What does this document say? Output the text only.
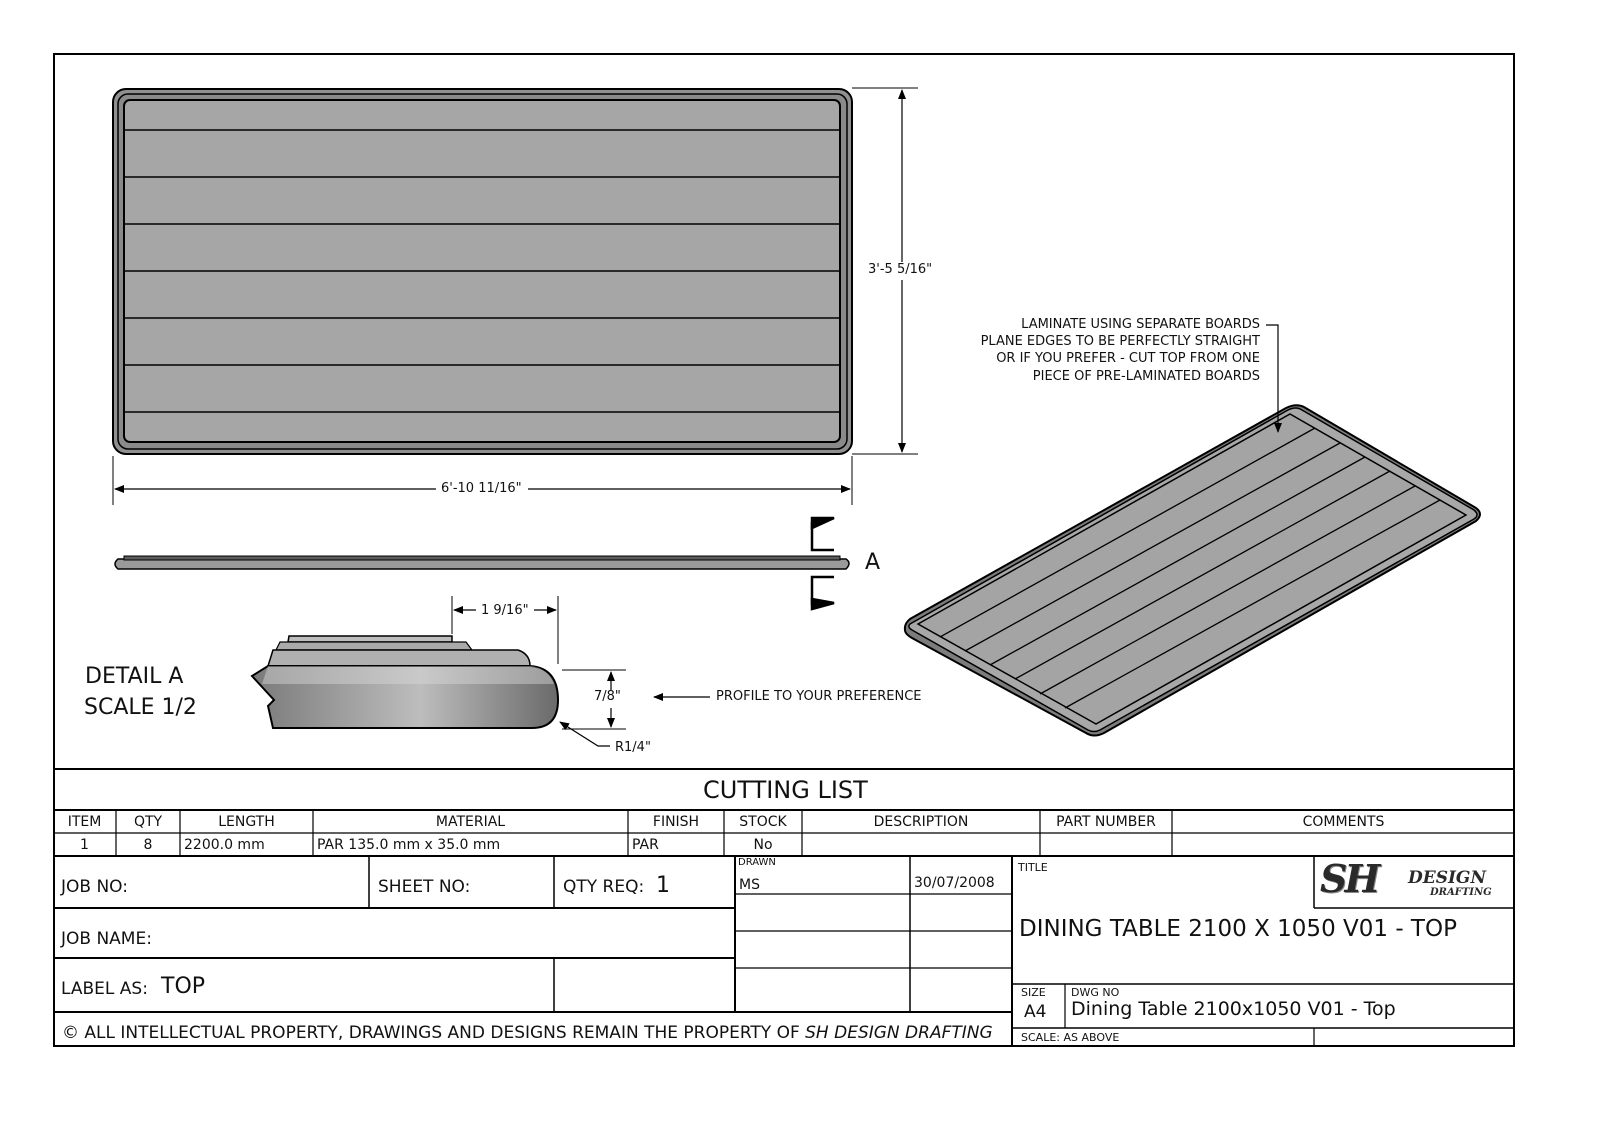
3'-5 5/16"
6'-10 11/16"
1 9/16"
7/8"
R1/4"
A
DETAIL A
SCALE 1/2	PROFILE TO YOUR PREFERENCE
LAMINATE USING SEPARATE BOARDS
PLANE EDGES TO BE PERFECTLY STRAIGHT
OR IF YOU PREFER - CUT TOP FROM ONE
PIECE OF PRE-LAMINATED BOARDS
CUTTING LIST
ITEM	QTY	LENGTH	MATERIAL	FINISH	STOCK	DESCRIPTION	PART NUMBER	COMMENTS
1	8	2200.0 mm	PAR 135.0 mm x 35.0 mm	PAR	No
JOB NO:	SHEET NO:	QTY REQ: 1
DRAWN
MS	30/07/2008
JOB NAME:
LABEL AS: TOP
TITLE
DINING TABLE 2100 X 1050 V01 - TOP
SH DESIGN
DRAFTING
SIZE
A4
DWG NO
Dining Table 2100x1050 V01 - Top
SCALE: AS ABOVE
© ALL INTELLECTUAL PROPERTY, DRAWINGS AND DESIGNS REMAIN THE PROPERTY OF SH DESIGN DRAFTING
